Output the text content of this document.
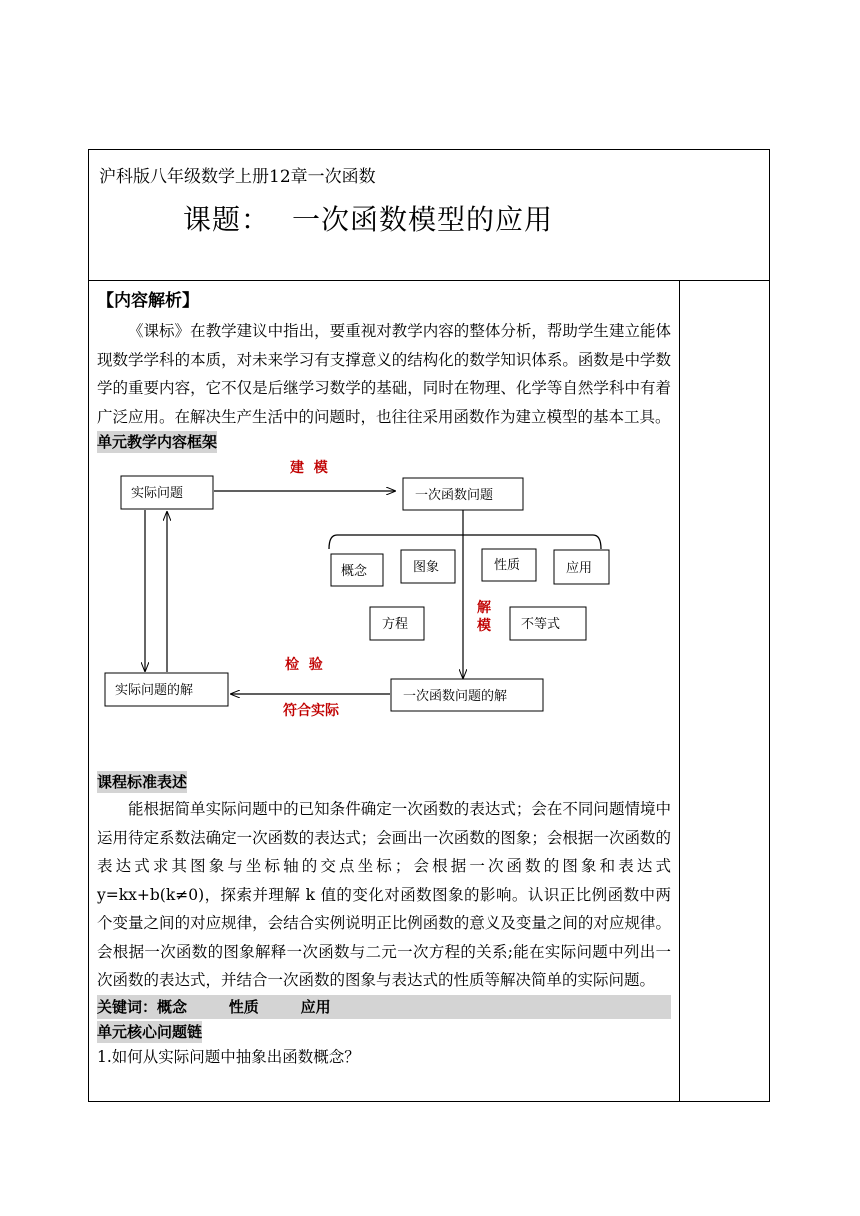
沪科版八年级数学上册12章一次函数
课题： 一次函数模型的应用

【内容解析】

《课标》在教学建议中指出，要重视对教学内容的整体分析，帮助学生建立能体现数学学科的本质，对未来学习有支撑意义的结构化的数学知识体系。函数是中学数学的重要内容，它不仅是后继学习数学的基础，同时在物理、化学等自然学科中有着广泛应用。在解决生产生活中的问题时，也往往采用函数作为建立模型的基本工具。

单元教学内容框架
实际问题	一次函数问题
概念	图象	性质	应用
方程	不等式
实际问题的解	一次函数问题的解
建  模
解
模
检  验
符合实际
课程标准表述

能根据简单实际问题中的已知条件确定一次函数的表达式；会在不同问题情境中运用待定系数法确定一次函数的表达式；会画出一次函数的图象；会根据一次函数的表达式求其图象与坐标轴的交点坐标；会根据一次函数的图象和表达式 y=kx+b(k≠0)，探索并理解 k 值的变化对函数图象的影响。认识正比例函数中两个变量之间的对应规律，会结合实例说明正比例函数的意义及变量之间的对应规律。会根据一次函数的图象解释一次函数与二元一次方程的关系;能在实际问题中列出一次函数的表达式，并结合一次函数的图象与表达式的性质等解决简单的实际问题。

关键词：概念	性质	应用
单元核心问题链

1.如何从实际问题中抽象出函数概念？
